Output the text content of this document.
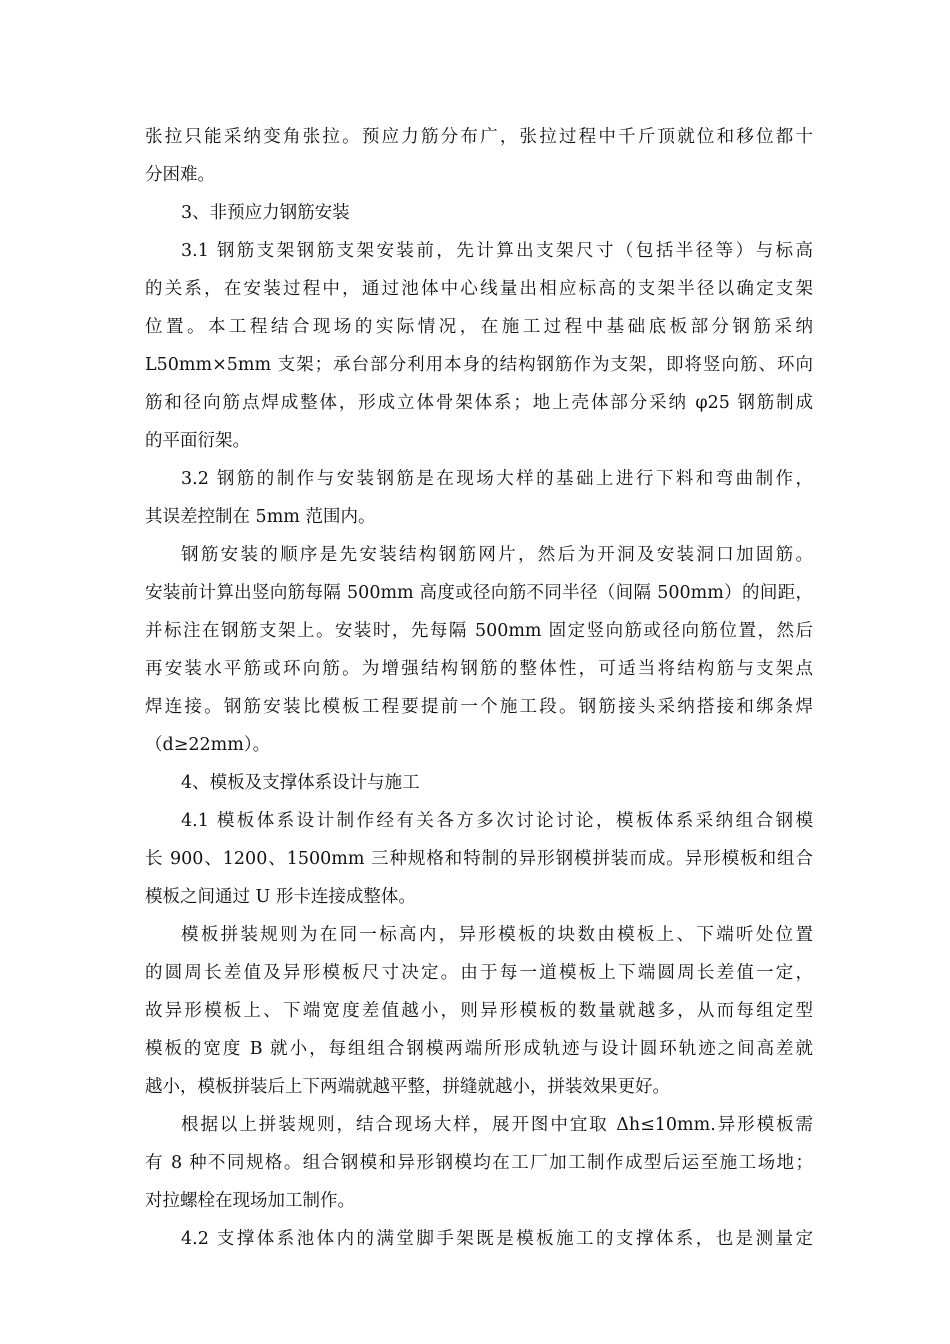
张拉只能采纳变角张拉。预应力筋分布广，张拉过程中千斤顶就位和移位都十
分困难。
3、非预应力钢筋安装
3.1 钢筋支架钢筋支架安装前，先计算出支架尺寸（包括半径等）与标高
的关系，在安装过程中，通过池体中心线量出相应标高的支架半径以确定支架
位置。本工程结合现场的实际情况，在施工过程中基础底板部分钢筋采纳
L50mm×5mm 支架；承台部分利用本身的结构钢筋作为支架，即将竖向筋、环向
筋和径向筋点焊成整体，形成立体骨架体系；地上壳体部分采纳 φ25 钢筋制成
的平面衍架。
3.2 钢筋的制作与安装钢筋是在现场大样的基础上进行下料和弯曲制作，
其误差控制在 5mm 范围内。
钢筋安装的顺序是先安装结构钢筋网片，然后为开洞及安装洞口加固筋。
安装前计算出竖向筋每隔 500mm 高度或径向筋不同半径（间隔 500mm）的间距，
并标注在钢筋支架上。安装时，先每隔 500mm 固定竖向筋或径向筋位置，然后
再安装水平筋或环向筋。为增强结构钢筋的整体性，可适当将结构筋与支架点
焊连接。钢筋安装比模板工程要提前一个施工段。钢筋接头采纳搭接和绑条焊
（d≥22mm）。
4、模板及支撑体系设计与施工
4.1 模板体系设计制作经有关各方多次讨论讨论，模板体系采纳组合钢模
长 900、1200、1500mm 三种规格和特制的异形钢模拼装而成。异形模板和组合
模板之间通过 U 形卡连接成整体。
模板拼装规则为在同一标高内，异形模板的块数由模板上、下端听处位置
的圆周长差值及异形模板尺寸决定。由于每一道模板上下端圆周长差值一定，
故异形模板上、下端宽度差值越小，则异形模板的数量就越多，从而每组定型
模板的宽度 B 就小，每组组合钢模两端所形成轨迹与设计圆环轨迹之间高差就
越小，模板拼装后上下两端就越平整，拼缝就越小，拼装效果更好。
根据以上拼装规则，结合现场大样，展开图中宜取 Δh≤10mm.异形模板需
有 8 种不同规格。组合钢模和异形钢模均在工厂加工制作成型后运至施工场地；
对拉螺栓在现场加工制作。
4.2 支撑体系池体内的满堂脚手架既是模板施工的支撑体系，也是测量定
